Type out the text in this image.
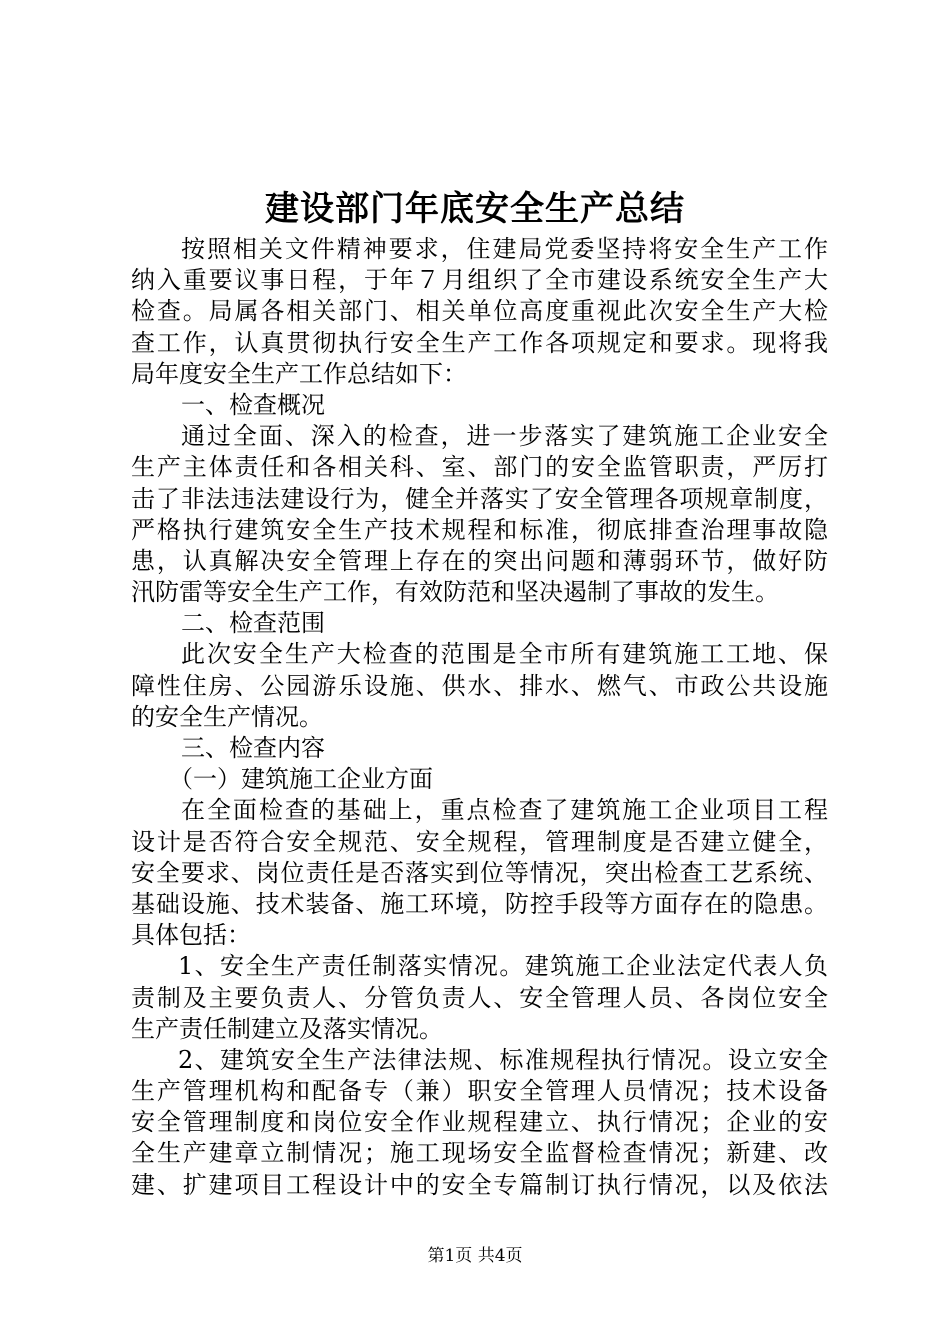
建设部门年底安全生产总结
按照相关文件精神要求，住建局党委坚持将安全生产工作
纳入重要议事日程，于年７月组织了全市建设系统安全生产大
检查。局属各相关部门、相关单位高度重视此次安全生产大检
查工作，认真贯彻执行安全生产工作各项规定和要求。现将我
局年度安全生产工作总结如下：
一、检查概况
通过全面、深入的检查，进一步落实了建筑施工企业安全
生产主体责任和各相关科、室、部门的安全监管职责，严厉打
击了非法违法建设行为，健全并落实了安全管理各项规章制度，
严格执行建筑安全生产技术规程和标准，彻底排查治理事故隐
患，认真解决安全管理上存在的突出问题和薄弱环节，做好防
汛防雷等安全生产工作，有效防范和坚决遏制了事故的发生。
二、检查范围
此次安全生产大检查的范围是全市所有建筑施工工地、保
障性住房、公园游乐设施、供水、排水、燃气、市政公共设施
的安全生产情况。
三、检查内容
（一）建筑施工企业方面
在全面检查的基础上，重点检查了建筑施工企业项目工程
设计是否符合安全规范、安全规程，管理制度是否建立健全，
安全要求、岗位责任是否落实到位等情况，突出检查工艺系统、
基础设施、技术装备、施工环境，防控手段等方面存在的隐患。
具体包括：
1、安全生产责任制落实情况。建筑施工企业法定代表人负
责制及主要负责人、分管负责人、安全管理人员、各岗位安全
生产责任制建立及落实情况。
2、建筑安全生产法律法规、标准规程执行情况。设立安全
生产管理机构和配备专（兼）职安全管理人员情况；技术设备
安全管理制度和岗位安全作业规程建立、执行情况；企业的安
全生产建章立制情况；施工现场安全监督检查情况；新建、改
建、扩建项目工程设计中的安全专篇制订执行情况，以及依法
第1页 共4页
